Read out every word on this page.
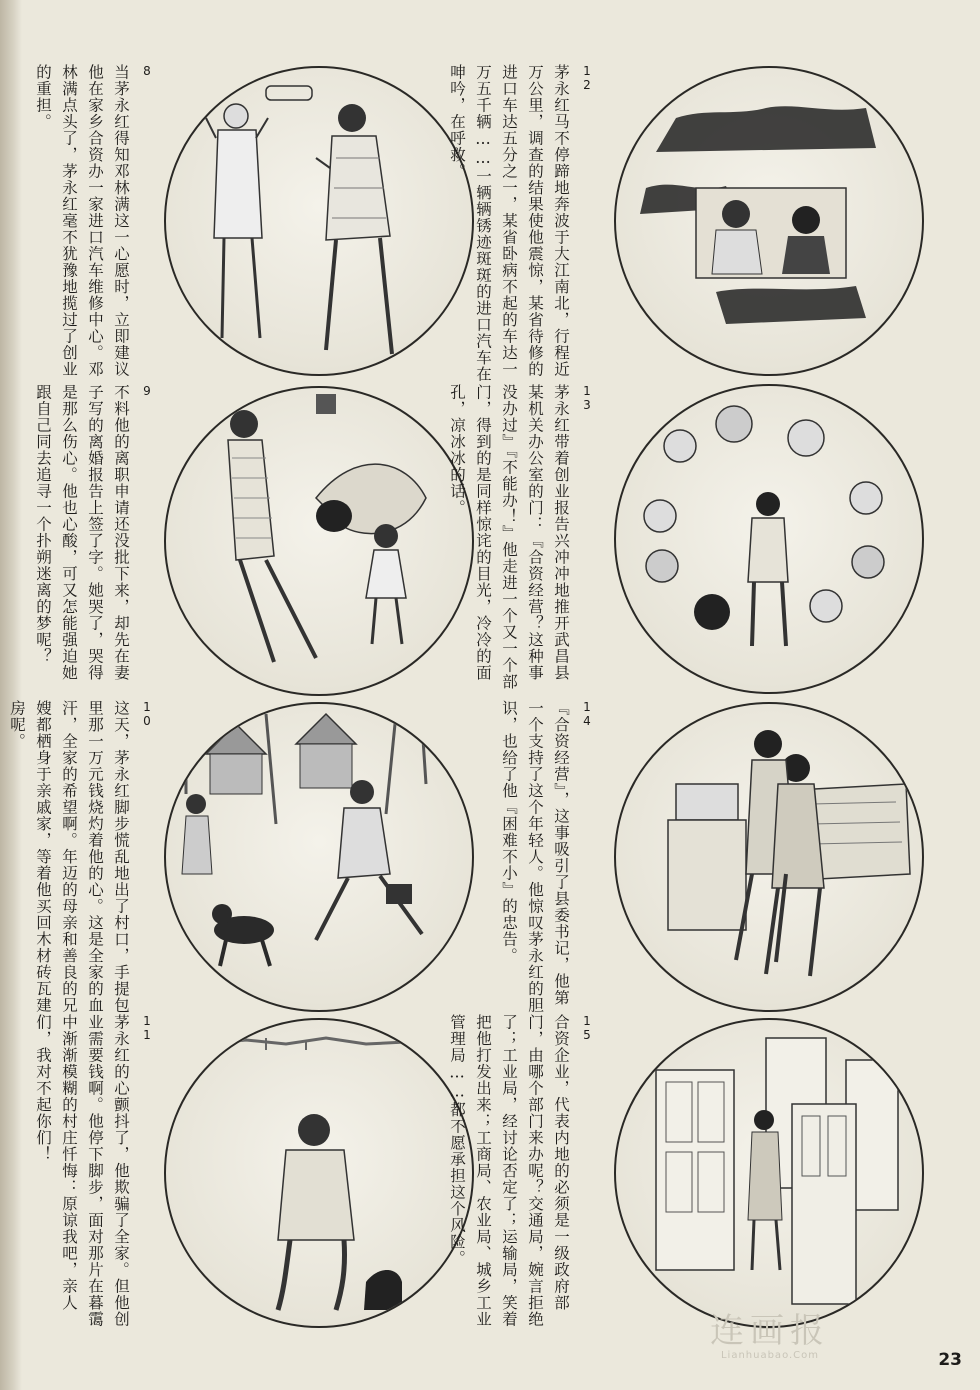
8
当茅永红得知邓林满这一心愿时，立即建议他在家乡合资办一家进口汽车维修中心。邓林满点头了，茅永红毫不犹豫地揽过了创业的重担。
9
不料他的离职申请还没批下来，却先在妻子写的离婚报告上签了字。她哭了，哭得是那么伤心。他也心酸，可又怎能强迫她跟自己同去追寻一个扑朔迷离的梦呢？
10
这天，茅永红脚步慌乱地出了村口，手提包里那一万元钱烧灼着他的心。这是全家的血汗，全家的希望啊。年迈的母亲和善良的兄嫂都栖身于亲戚家，等着他买回木材砖瓦建房呢。
11
茅永红的心颤抖了，他欺骗了全家。但他创业需要钱啊。他停下脚步，面对那片在暮霭中渐渐模糊的村庄忏悔：原谅我吧，亲人们，我对不起你们！
12
茅永红马不停蹄地奔波于大江南北，行程近万公里，调查的结果使他震惊，某省待修的进口车达五分之一，某省卧病不起的车达一万五千辆……一辆辆锈迹斑斑的进口汽车在呻吟，在呼救。
13
茅永红带着创业报告兴冲冲地推开武昌县某机关办公室的门：『合资经营？这种事没办过』『不能办！』他走进一个又一个部门，得到的是同样惊诧的目光，冷冷的面孔，凉冰冰的话。
14
『合资经营』，这事吸引了县委书记，他第一个支持了这个年轻人。他惊叹茅永红的胆识，也给了他『困难不小』的忠告。
15
合资企业，代表内地的必须是一级政府部门，由哪个部门来办呢？交通局，婉言拒绝了；工业局，经讨论否定了；运输局，笑着把他打发出来；工商局、农业局、城乡工业管理局……都不愿承担这个风险。
连画报
Lianhuabao.Com	23
